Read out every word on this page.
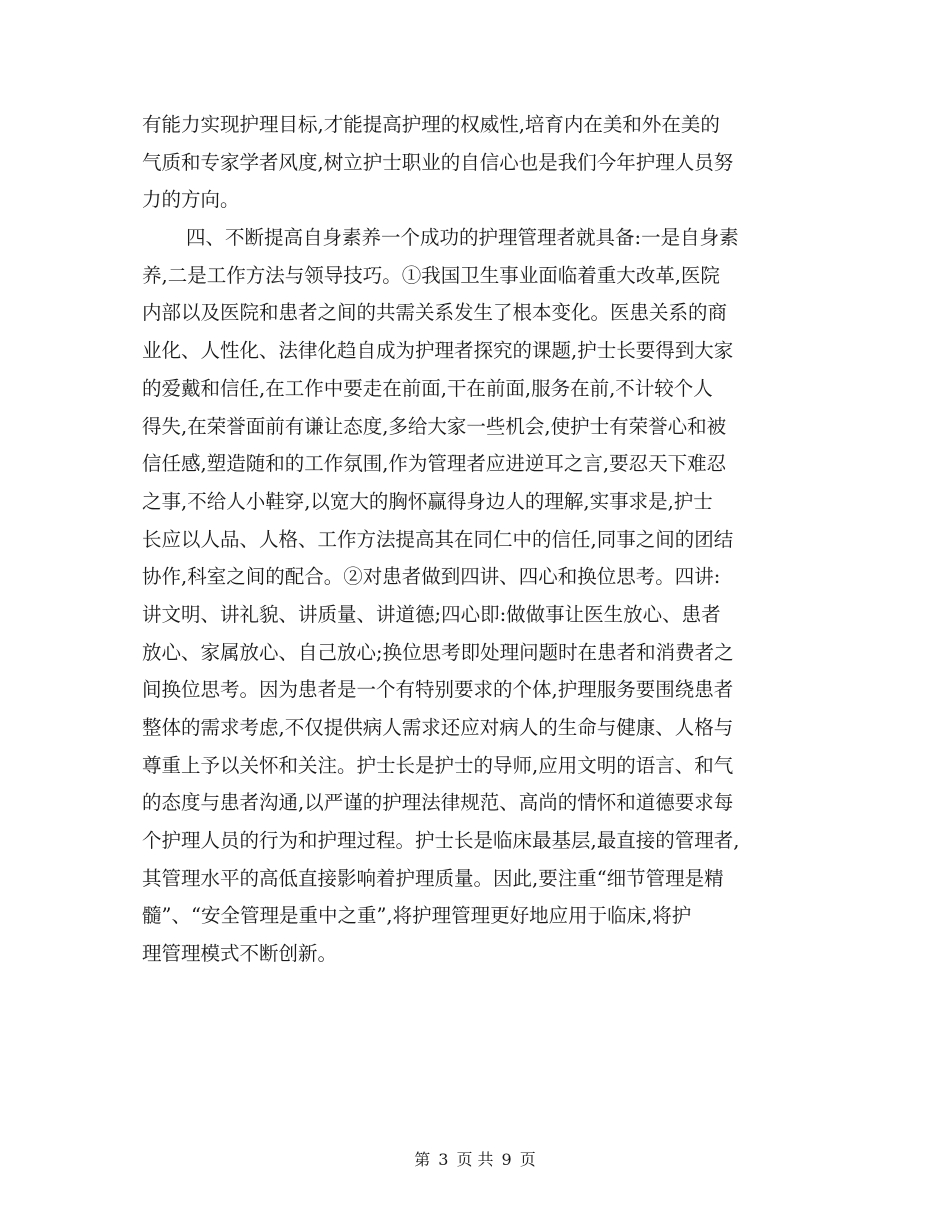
有能力实现护理目标,才能提高护理的权威性,培育内在美和外在美的
气质和专家学者风度,树立护士职业的自信心也是我们今年护理人员努
力的方向。
四、不断提高自身素养一个成功的护理管理者就具备:一是自身素
养,二是工作方法与领导技巧。①我国卫生事业面临着重大改革,医院
内部以及医院和患者之间的共需关系发生了根本变化。医患关系的商
业化、人性化、法律化趋自成为护理者探究的课题,护士长要得到大家
的爱戴和信任,在工作中要走在前面,干在前面,服务在前,不计较个人
得失,在荣誉面前有谦让态度,多给大家一些机会,使护士有荣誉心和被
信任感,塑造随和的工作氛围,作为管理者应进逆耳之言,要忍天下难忍
之事,不给人小鞋穿,以宽大的胸怀赢得身边人的理解,实事求是,护士
长应以人品、人格、工作方法提高其在同仁中的信任,同事之间的团结
协作,科室之间的配合。②对患者做到四讲、四心和换位思考。四讲:
讲文明、讲礼貌、讲质量、讲道德;四心即:做做事让医生放心、患者
放心、家属放心、自己放心;换位思考即处理问题时在患者和消费者之
间换位思考。因为患者是一个有特别要求的个体,护理服务要围绕患者
整体的需求考虑,不仅提供病人需求还应对病人的生命与健康、人格与
尊重上予以关怀和关注。护士长是护士的导师,应用文明的语言、和气
的态度与患者沟通,以严谨的护理法律规范、高尚的情怀和道德要求每
个护理人员的行为和护理过程。护士长是临床最基层,最直接的管理者,
其管理水平的高低直接影响着护理质量。因此,要注重“细节管理是精
髓”、“安全管理是重中之重”,将护理管理更好地应用于临床,将护
理管理模式不断创新。
第 3 页 共 9 页
